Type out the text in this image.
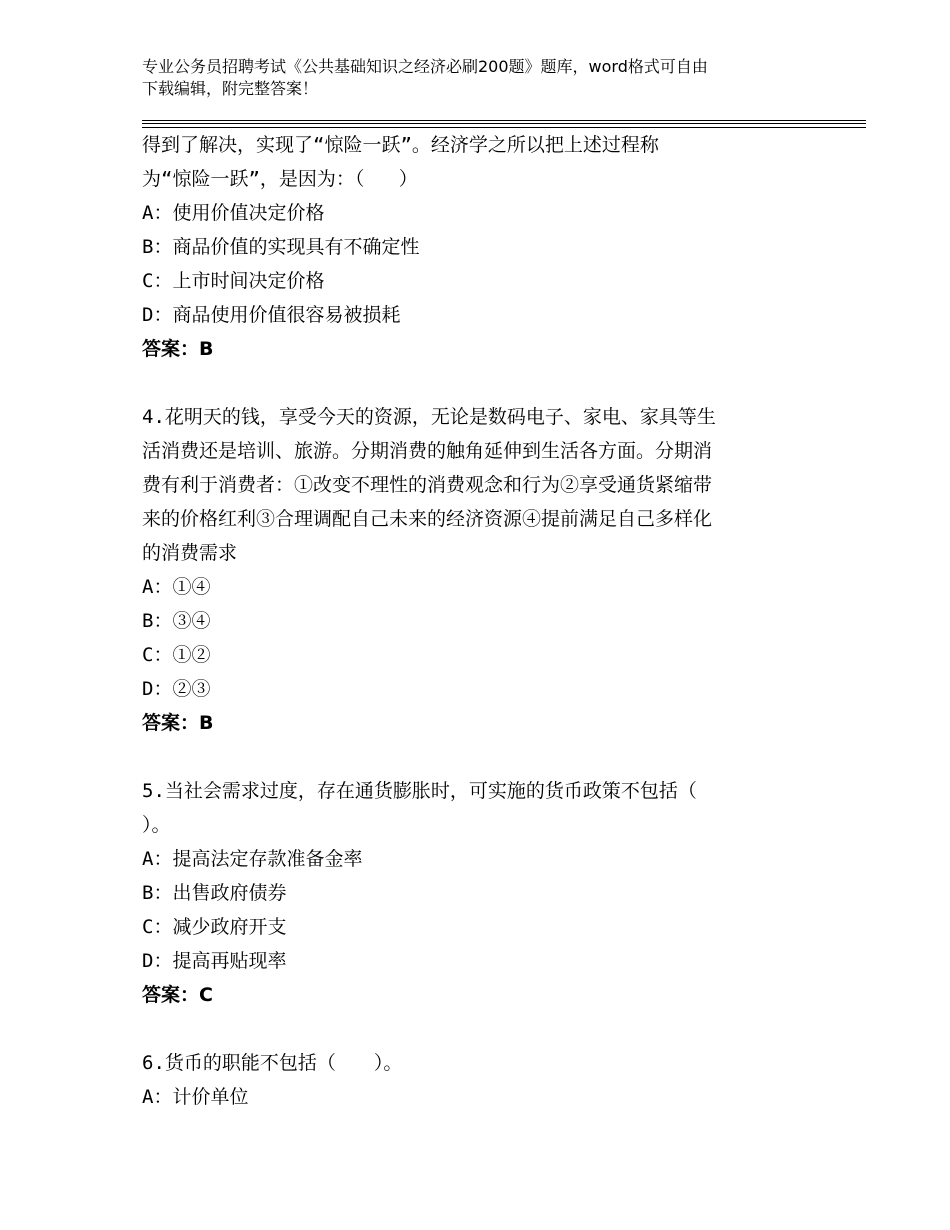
专业公务员招聘考试《公共基础知识之经济必刷200题》题库，word格式可自由
下载编辑，附完整答案！
得到了解决，实现了“惊险一跃”。经济学之所以把上述过程称
为“惊险一跃”，是因为：（   ）
A：使用价值决定价格
B：商品价值的实现具有不确定性
C：上市时间决定价格
D：商品使用价值很容易被损耗
答案：B
4.花明天的钱，享受今天的资源，无论是数码电子、家电、家具等生
活消费还是培训、旅游。分期消费的触角延伸到生活各方面。分期消
费有利于消费者：①改变不理性的消费观念和行为②享受通货紧缩带
来的价格红利③合理调配自己未来的经济资源④提前满足自己多样化
的消费需求
A：①④
B：③④
C：①②
D：②③
答案：B
5.当社会需求过度，存在通货膨胀时，可实施的货币政策不包括（
）。
A：提高法定存款准备金率
B：出售政府债券
C：减少政府开支
D：提高再贴现率
答案：C
6.货币的职能不包括（　　）。
A：计价单位
